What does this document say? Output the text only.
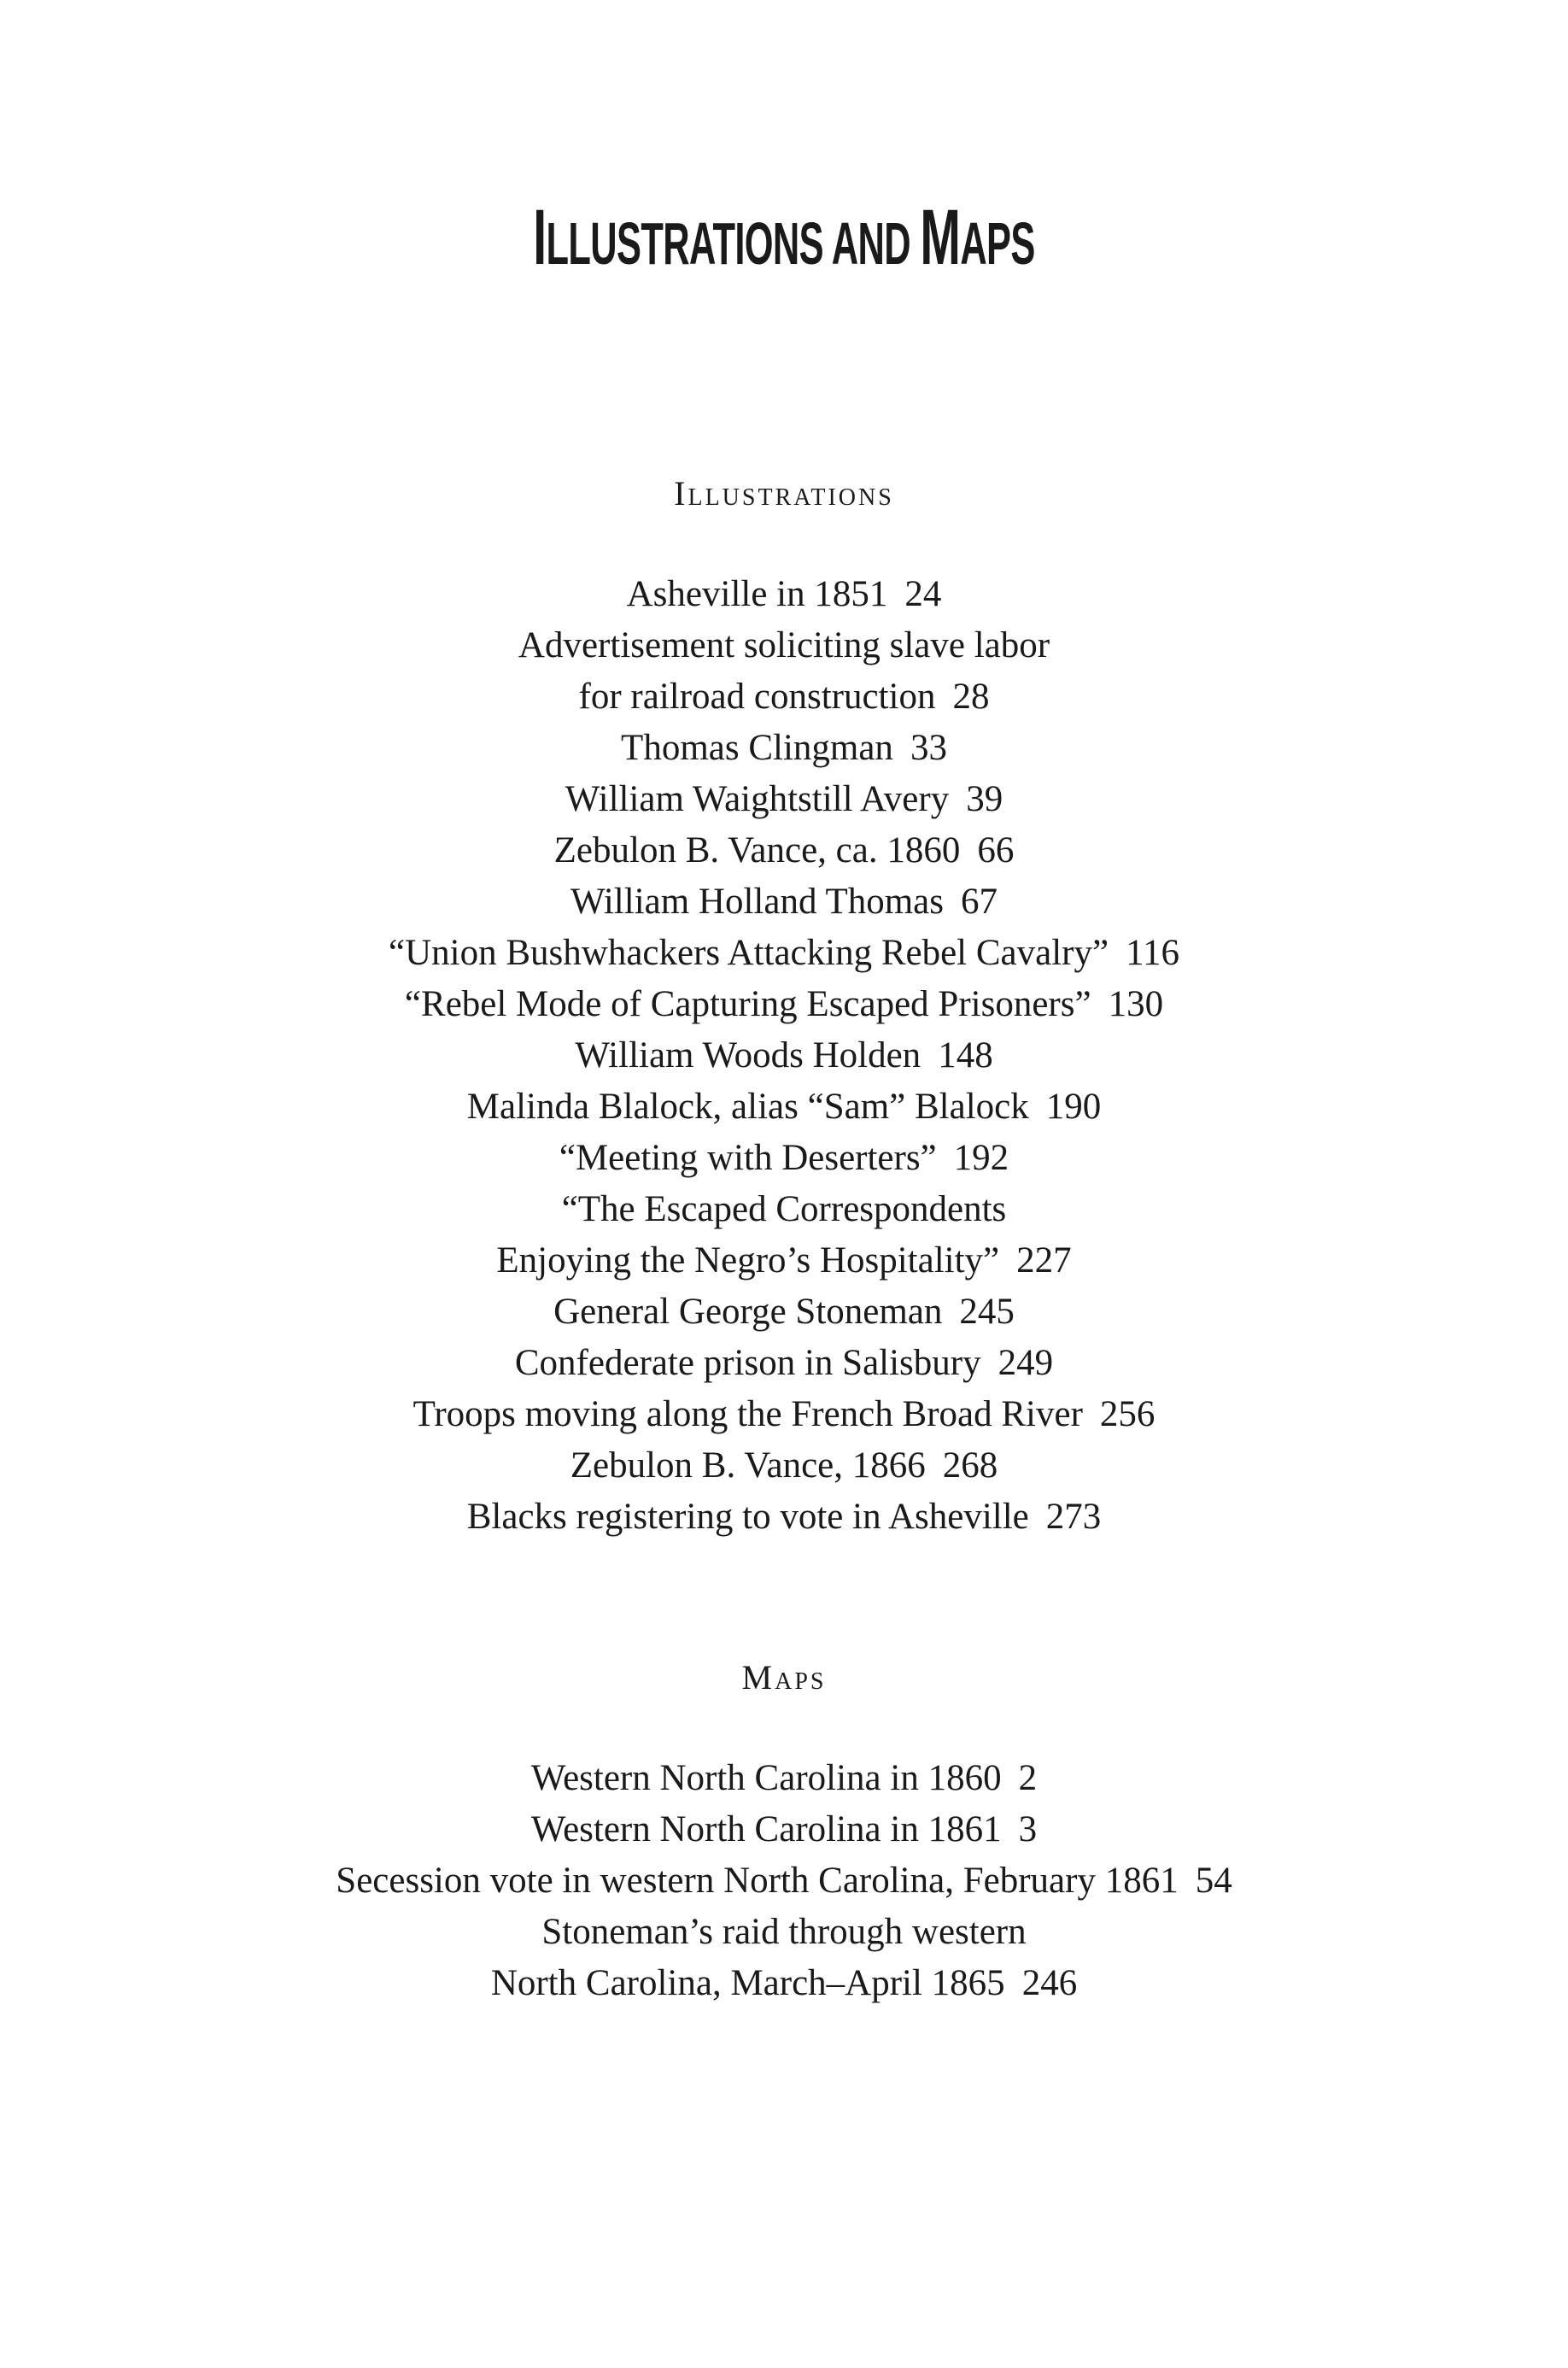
ILLUSTRATIONS AND MAPS
Illustrations
Asheville in 1851 24
Advertisement soliciting slave labor
for railroad construction 28
Thomas Clingman 33
William Waightstill Avery 39
Zebulon B. Vance, ca. 1860 66
William Holland Thomas 67
“Union Bushwhackers Attacking Rebel Cavalry” 116
“Rebel Mode of Capturing Escaped Prisoners” 130
William Woods Holden 148
Malinda Blalock, alias “Sam” Blalock 190
“Meeting with Deserters” 192
“The Escaped Correspondents
Enjoying the Negro’s Hospitality” 227
General George Stoneman 245
Confederate prison in Salisbury 249
Troops moving along the French Broad River 256
Zebulon B. Vance, 1866 268
Blacks registering to vote in Asheville 273
Maps
Western North Carolina in 1860 2
Western North Carolina in 1861 3
Secession vote in western North Carolina, February 1861 54
Stoneman’s raid through western
North Carolina, March–April 1865 246
